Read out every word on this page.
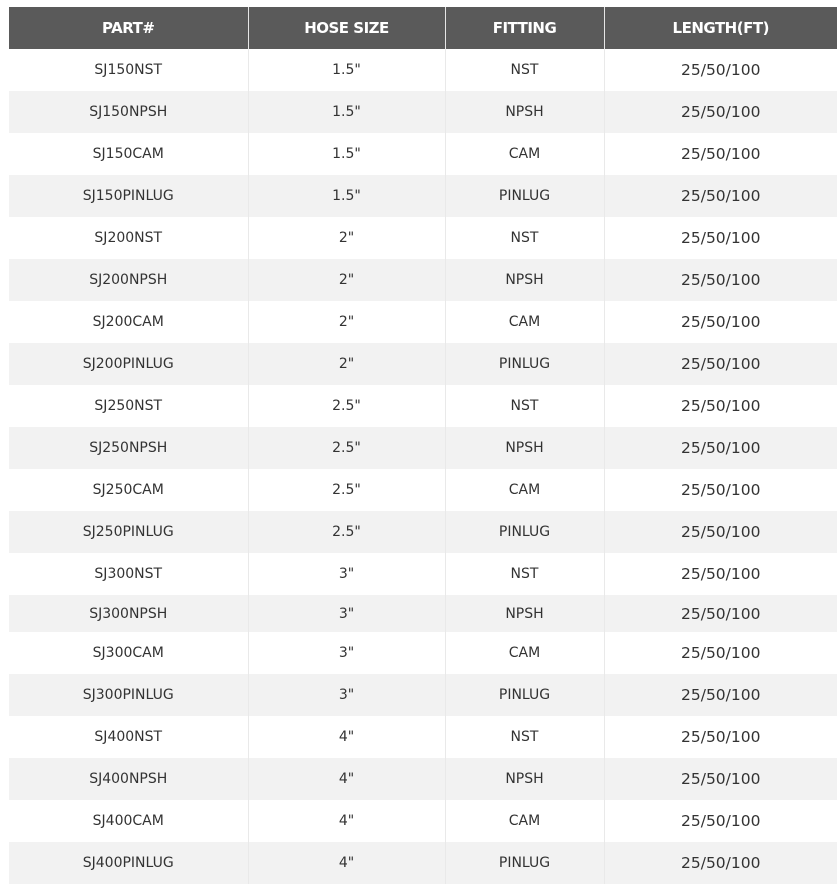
PART#	HOSE SIZE	FITTING	LENGTH(FT)
SJ150NST	1.5"	NST	25/50/100
SJ150NPSH	1.5"	NPSH	25/50/100
SJ150CAM	1.5"	CAM	25/50/100
SJ150PINLUG	1.5"	PINLUG	25/50/100
SJ200NST	2"	NST	25/50/100
SJ200NPSH	2"	NPSH	25/50/100
SJ200CAM	2"	CAM	25/50/100
SJ200PINLUG	2"	PINLUG	25/50/100
SJ250NST	2.5"	NST	25/50/100
SJ250NPSH	2.5"	NPSH	25/50/100
SJ250CAM	2.5"	CAM	25/50/100
SJ250PINLUG	2.5"	PINLUG	25/50/100
SJ300NST	3"	NST	25/50/100
SJ300NPSH	3"	NPSH	25/50/100
SJ300CAM	3"	CAM	25/50/100
SJ300PINLUG	3"	PINLUG	25/50/100
SJ400NST	4"	NST	25/50/100
SJ400NPSH	4"	NPSH	25/50/100
SJ400CAM	4"	CAM	25/50/100
SJ400PINLUG	4"	PINLUG	25/50/100
